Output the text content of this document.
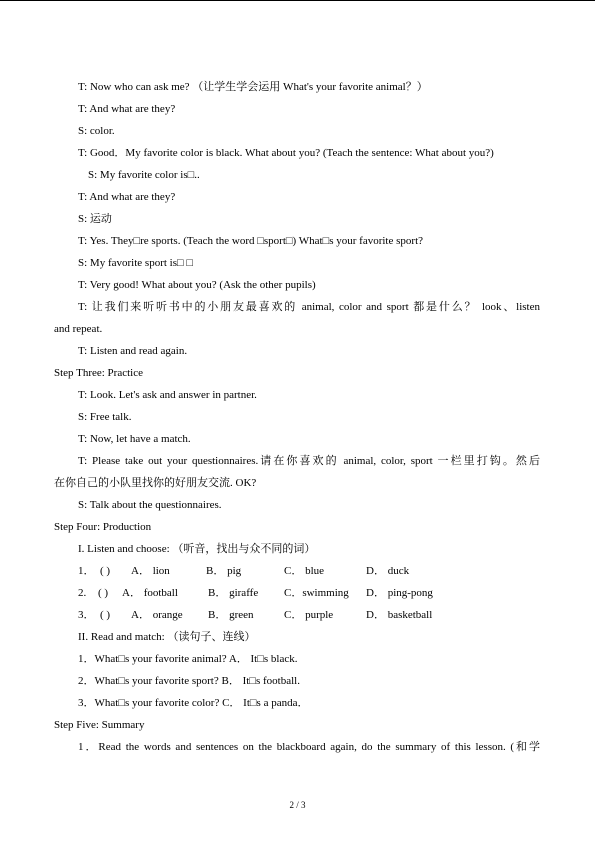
T: Now who can ask me? （让学生学会运用 What's your favorite animal？）
T: And what are they?
S: color.
T: Good．My favorite color is black. What about you? (Teach the sentence: What about you?)
S: My favorite color is□..
T: And what are they?
S: 运动
T: Yes. They□re sports. (Teach the word □sport□) What□s your favorite sport?
S: My favorite sport is□ □
T: Very good! What about you? (Ask the other pupils)
T: 让我们来听听书中的小朋友最喜欢的 animal, color and sport 都是什么？ look、listen
and repeat.
T: Listen and read again.
Step Three: Practice
T: Look. Let's ask and answer in partner.
S: Free talk.
T: Now, let have a match.
T: Please take out your questionnaires.请在你喜欢的 animal, color, sport 一栏里打钩。然后
在你自己的小队里找你的好朋友交流. OK?
S: Talk about the questionnaires.
Step Four: Production
I. Listen and choose: （听音，找出与众不同的词）
1． ( ) A． lion	B． pig	C． blue	D． duck
2. ( ) A． football	B． giraffe C．swimming D． ping-pong
3． ( ) A． orange B． green	C． purple	D． basketball
II. Read and match: （读句子、连线）
1．What□s your favorite animal? A． It□s black.
2．What□s your favorite sport? B． It□s football.
3．What□s your favorite color? C． It□s a panda．
Step Five: Summary
1．Read the words and sentences on the blackboard again, do the summary of this lesson. (和学
2 / 3
